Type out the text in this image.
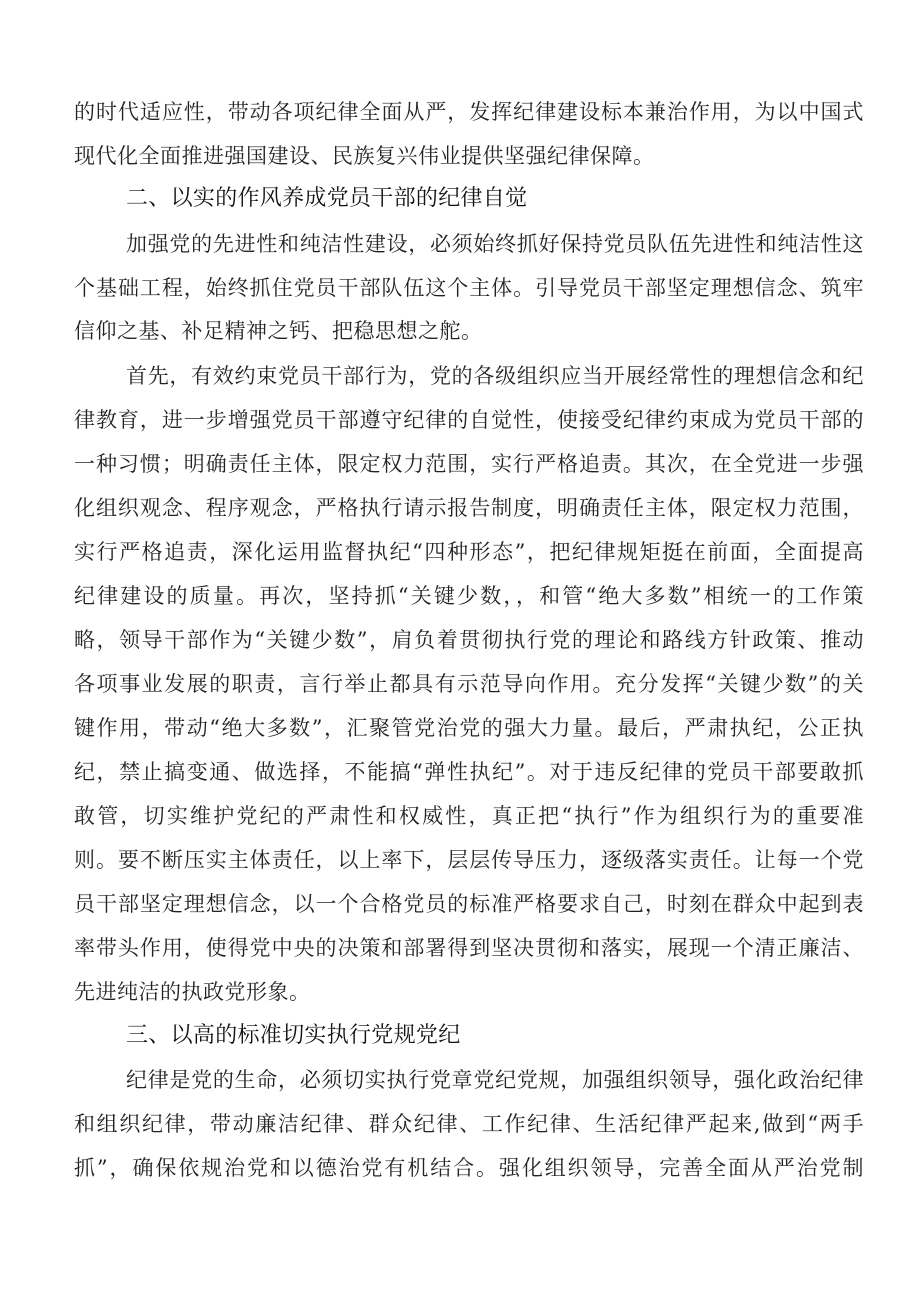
的时代适应性，带动各项纪律全面从严，发挥纪律建设标本兼治作用，为以中国式
现代化全面推进强国建设、民族复兴伟业提供坚强纪律保障。
二、以实的作风养成党员干部的纪律自觉
加强党的先进性和纯洁性建设，必须始终抓好保持党员队伍先进性和纯洁性这
个基础工程，始终抓住党员干部队伍这个主体。引导党员干部坚定理想信念、筑牢
信仰之基、补足精神之钙、把稳思想之舵。
首先，有效约束党员干部行为，党的各级组织应当开展经常性的理想信念和纪
律教育，进一步增强党员干部遵守纪律的自觉性，使接受纪律约束成为党员干部的
一种习惯；明确责任主体，限定权力范围，实行严格追责。其次，在全党进一步强
化组织观念、程序观念，严格执行请示报告制度，明确责任主体，限定权力范围，
实行严格追责，深化运用监督执纪“四种形态”，把纪律规矩挺在前面，全面提高
纪律建设的质量。再次，坚持抓“关键少数，，和管“绝大多数”相统一的工作策
略，领导干部作为“关键少数”，肩负着贯彻执行党的理论和路线方针政策、推动
各项事业发展的职责，言行举止都具有示范导向作用。充分发挥“关键少数”的关
键作用，带动“绝大多数”，汇聚管党治党的强大力量。最后，严肃执纪，公正执
纪，禁止搞变通、做选择，不能搞“弹性执纪”。对于违反纪律的党员干部要敢抓
敢管，切实维护党纪的严肃性和权威性，真正把“执行”作为组织行为的重要准
则。要不断压实主体责任，以上率下，层层传导压力，逐级落实责任。让每一个党
员干部坚定理想信念，以一个合格党员的标准严格要求自己，时刻在群众中起到表
率带头作用，使得党中央的决策和部署得到坚决贯彻和落实，展现一个清正廉洁、
先进纯洁的执政党形象。
三、以高的标准切实执行党规党纪
纪律是党的生命，必须切实执行党章党纪党规，加强组织领导，强化政治纪律
和组织纪律，带动廉洁纪律、群众纪律、工作纪律、生活纪律严起来,做到“两手
抓”，确保依规治党和以德治党有机结合。强化组织领导，完善全面从严治党制
